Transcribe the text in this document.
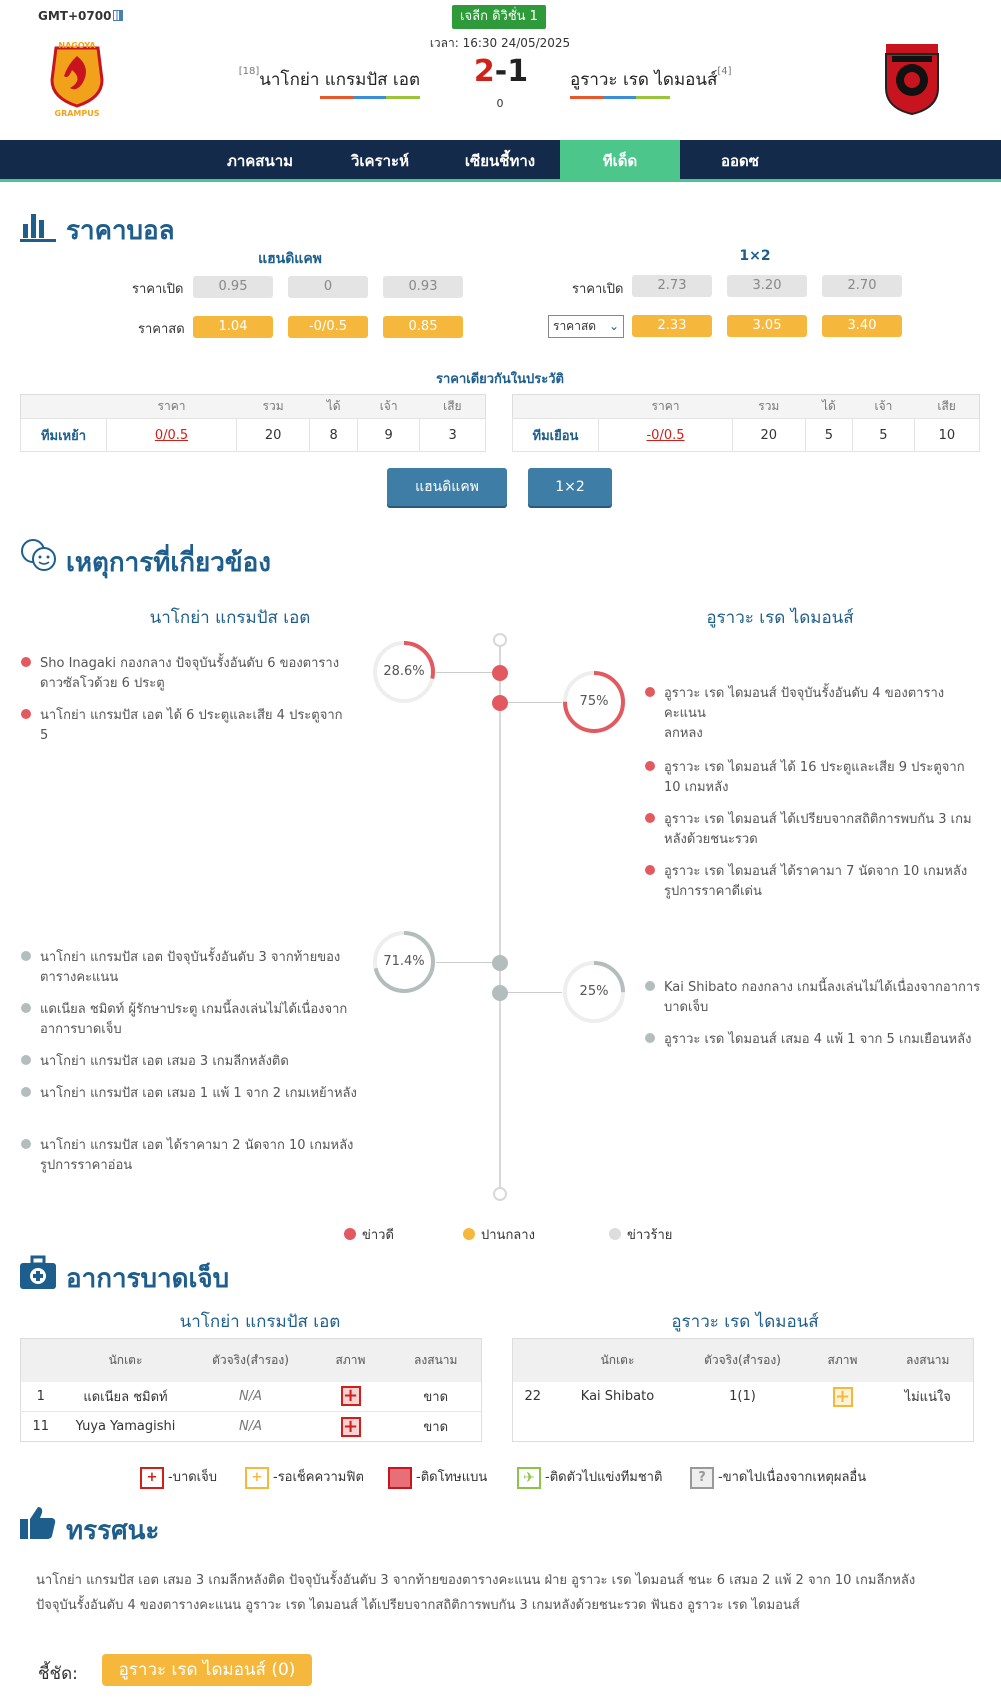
GMT+0700	เจลีก ดิวิชั่น 1
เวลา: 16:30 24/05/2025
NAGOYA
GRAMPUS
[18]นาโกย่า แกรมปัส เอต	2-1
0
อูราวะ เรด ไดมอนส์[4]
ภาคสนาม	วิเคราะห์	เซียนชี้ทาง	ทีเด็ด	ออดซ
ราคาบอล
แฮนดิแคพ	1×2
ราคาเปิด	0.95	0	0.93
ราคาสด	1.04	-0/0.5	0.85
ราคาเปิด	2.73	3.20	2.70
ราคาสด ⌄	2.33	3.05	3.40
ราคาเดียวกันในประวัติ
	ราคา	รวม	ได้	เจ้า	เสีย
ทีมเหย้า	0/0.5	20	8	9	3
	ราคา	รวม	ได้	เจ้า	เสีย
ทีมเยือน	-0/0.5	20	5	5	10
แฮนดิแคพ	1×2
เหตุการที่เกี่ยวข้อง
นาโกย่า แกรมปัส เอต	อูราวะ เรด ไดมอนส์
28.6%
Sho Inagaki กองกลาง ปัจจุบันรั้งอันดับ 6 ของตาราง ดาวซัลโวด้วย 6 ประตู
นาโกย่า แกรมปัส เอต ได้ 6 ประตูและเสีย 4 ประตูจาก 5
75%
อูราวะ เรด ไดมอนส์ ปัจจุบันรั้งอันดับ 4 ของตาราง คะแนน
ลกหลง
อูราวะ เรด ไดมอนส์ ได้ 16 ประตูและเสีย 9 ประตูจาก 10 เกมหลัง
อูราวะ เรด ไดมอนส์ ได้เปรียบจากสถิติการพบกัน 3 เกมหลังด้วยชนะรวด
อูราวะ เรด ไดมอนส์ ได้ราคามา 7 นัดจาก 10 เกมหลัง รูปการราคาดีเด่น
71.4%
นาโกย่า แกรมปัส เอต ปัจจุบันรั้งอันดับ 3 จากท้ายของตารางคะแนน
แดเนียล ชมิดท์ ผู้รักษาประตู เกมนี้ลงเล่นไม่ได้เนื่องจากอาการบาดเจ็บ
นาโกย่า แกรมปัส เอต เสมอ 3 เกมลีกหลังติด
นาโกย่า แกรมปัส เอต เสมอ 1 แพ้ 1 จาก 2 เกมเหย้าหลัง
นาโกย่า แกรมปัส เอต ได้ราคามา 2 นัดจาก 10 เกมหลัง รูปการราคาอ่อน
25%	Kai Shibato กองกลาง เกมนี้ลงเล่นไม่ได้เนื่องจากอาการบาดเจ็บ
อูราวะ เรด ไดมอนส์ เสมอ 4 แพ้ 1 จาก 5 เกมเยือนหลัง
ข่าวดี	ปานกลาง	ข่าวร้าย
อาการบาดเจ็บ
นาโกย่า แกรมปัส เอต	อูราวะ เรด ไดมอนส์
	นักเตะ	ตัวจริง(สำรอง)	สภาพ	ลงสนาม
1	แดเนียล ชมิดท์	N/A	+	ขาด
11	Yuya Yamagishi	N/A	+	ขาด
	นักเตะ	ตัวจริง(สำรอง)	สภาพ	ลงสนาม
22	Kai Shibato	1(1)	+	ไม่แน่ใจ

+ -บาดเจ็บ	+ -รอเช็คความฟิต	-ติดโทษแบน	✈ -ติดตัวไปแข่งทีมชาติ	? -ขาดไปเนื่องจากเหตุผลอื่น
ทรรศนะ
นาโกย่า แกรมปัส เอต เสมอ 3 เกมลีกหลังติด ปัจจุบันรั้งอันดับ 3 จากท้ายของตารางคะแนน ฝ่าย อูราวะ เรด ไดมอนส์ ชนะ 6 เสมอ 2 แพ้ 2 จาก 10 เกมลีกหลัง ปัจจุบันรั้งอันดับ 4 ของตารางคะแนน อูราวะ เรด ไดมอนส์ ได้เปรียบจากสถิติการพบกัน 3 เกมหลังด้วยชนะรวด ฟันธง อูราวะ เรด ไดมอนส์
ชี้ชัด:	อูราวะ เรด ไดมอนส์ (0)
